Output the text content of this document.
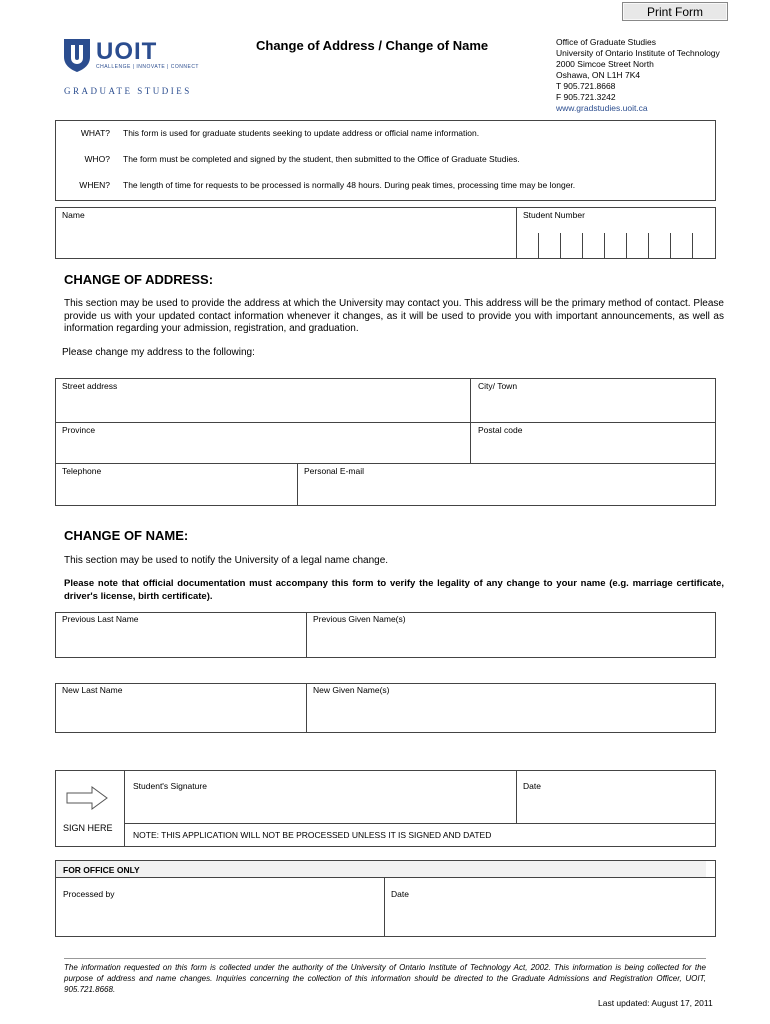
Print Form
UOIT
CHALLENGE | INNOVATE | CONNECT
GRADUATE STUDIES
Change of Address / Change of Name	Office of Graduate Studies
University of Ontario Institute of Technology
2000 Simcoe Street North
Oshawa, ON L1H 7K4
T 905.721.8668
F 905.721.3242
www.gradstudies.uoit.ca
WHAT? This form is used for graduate students seeking to update address or official name information.
WHO? The form must be completed and signed by the student, then submitted to the Office of Graduate Studies.
WHEN? The length of time for requests to be processed is normally 48 hours. During peak times, processing time may be longer.
Name	Student Number
CHANGE OF ADDRESS:
This section may be used to provide the address at which the University may contact you. This address will be the primary method of contact. Please provide us with your updated contact information whenever it changes, as it will be used to provide you with important announcements, as well as information regarding your admission, registration, and graduation.
Please change my address to the following:
Street address	City/ Town
Province	Postal code
Telephone	Personal E-mail
CHANGE OF NAME:
This section may be used to notify the University of a legal name change.
Please note that official documentation must accompany this form to verify the legality of any change to your name (e.g. marriage certificate, driver's license, birth certificate).
Previous Last Name	Previous Given Name(s)
New Last Name	New Given Name(s)
SIGN HERE
Student's Signature	Date
NOTE: THIS APPLICATION WILL NOT BE PROCESSED UNLESS IT IS SIGNED AND DATED
FOR OFFICE ONLY
Processed by	Date
The information requested on this form is collected under the authority of the University of Ontario Institute of Technology Act, 2002. This information is being collected for the purpose of address and name changes. Inquiries concerning the collection of this information should be directed to the Graduate Admissions and Registration Officer, UOIT, 905.721.8668.
Last updated: August 17, 2011
